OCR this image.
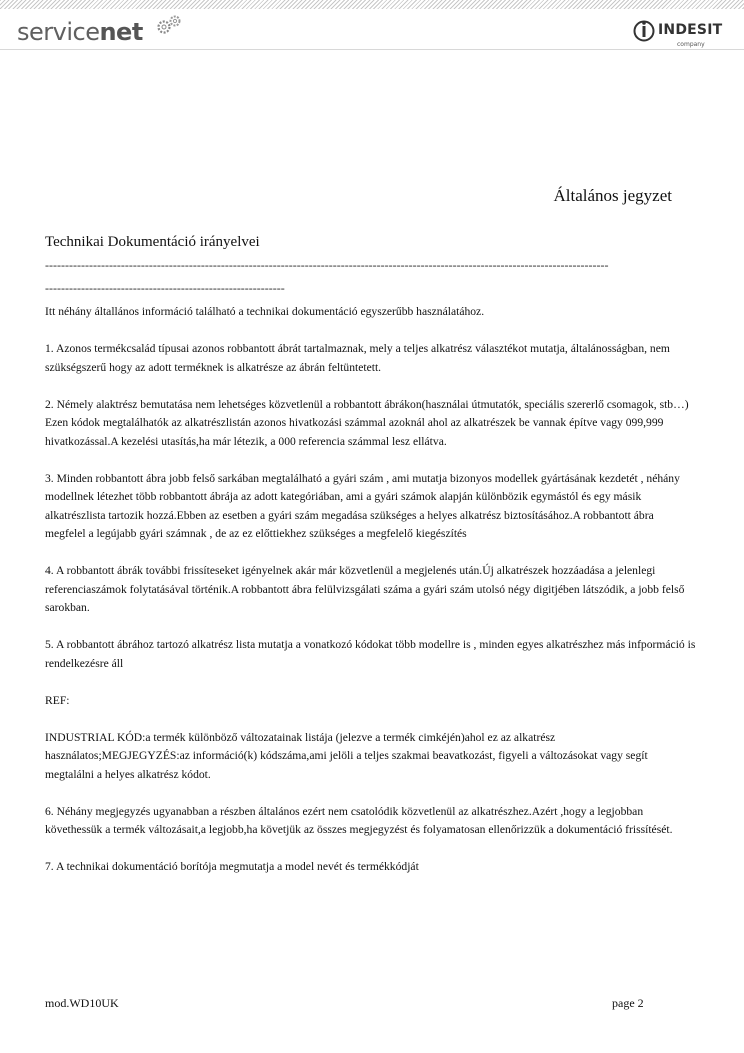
servicenet	INDESIT
company
Általános jegyzet
Technikai Dokumentáció irányelvei
---------------------------------------------------------------------------------------------------------------------------------------------
------------------------------------------------------------

Itt néhány általlános információ található a technikai dokumentáció egyszerűbb használatához.

1. Azonos termékcsalád típusai azonos robbantott ábrát tartalmaznak, mely a teljes alkatrész választékot mutatja, általánosságban, nem szükségszerű hogy az adott terméknek is alkatrésze az ábrán feltüntetett.

2. Némely alaktrész bemutatása nem lehetséges közvetlenül a robbantott ábrákon(használai útmutatók, speciális szererlő csomagok, stb…) Ezen kódok megtalálhatók az alkatrészlistán azonos hivatkozási számmal azoknál ahol az alkatrészek be vannak építve vagy 099,999 hivatkozással.A kezelési utasítás,ha már létezik, a 000 referencia számmal lesz ellátva.

3. Minden robbantott ábra jobb felső sarkában megtalálható a gyári szám , ami mutatja bizonyos modellek gyártásának kezdetét , néhány modellnek létezhet több robbantott ábrája az adott kategóriában, ami a gyári számok alapján különbözik egymástól és egy másik alkatrészlista tartozik hozzá.Ebben az esetben a gyári szám megadása szükséges a helyes alkatrész biztosításához.A robbantott ábra megfelel a legújabb gyári számnak , de az ez előttiekhez szükséges a megfelelő kiegészítés

4. A robbantott ábrák további frissíteseket igényelnek akár már közvetlenül a megjelenés után.Új alkatrészek hozzáadása a jelenlegi referenciaszámok folytatásával történik.A robbantott ábra felülvizsgálati száma a gyári szám utolsó négy digitjében látszódik, a jobb felső sarokban.

5. A robbantott ábrához tartozó alkatrész lista mutatja a vonatkozó kódokat több modellre is , minden egyes alkatrészhez más infpormáció is rendelkezésre áll

REF:

INDUSTRIAL KÓD:a termék különböző változatainak listája (jelezve a termék cimkéjén)ahol ez az alkatrész használatos;MEGJEGYZÉS:az információ(k) kódszáma,ami jelöli a teljes szakmai beavatkozást, figyeli a változásokat vagy segít megtalálni a helyes alkatrész kódot.

6. Néhány megjegyzés ugyanabban a részben általános ezért nem csatolódik közvetlenül az alkatrészhez.Azért ,hogy a legjobban követhessük a termék változásait,a legjobb,ha követjük az összes megjegyzést és folyamatosan ellenőrizzük a dokumentáció frissítését.

7. A technikai dokumentáció borítója megmutatja a model nevét és termékkódját

mod.WD10UK	page 2
